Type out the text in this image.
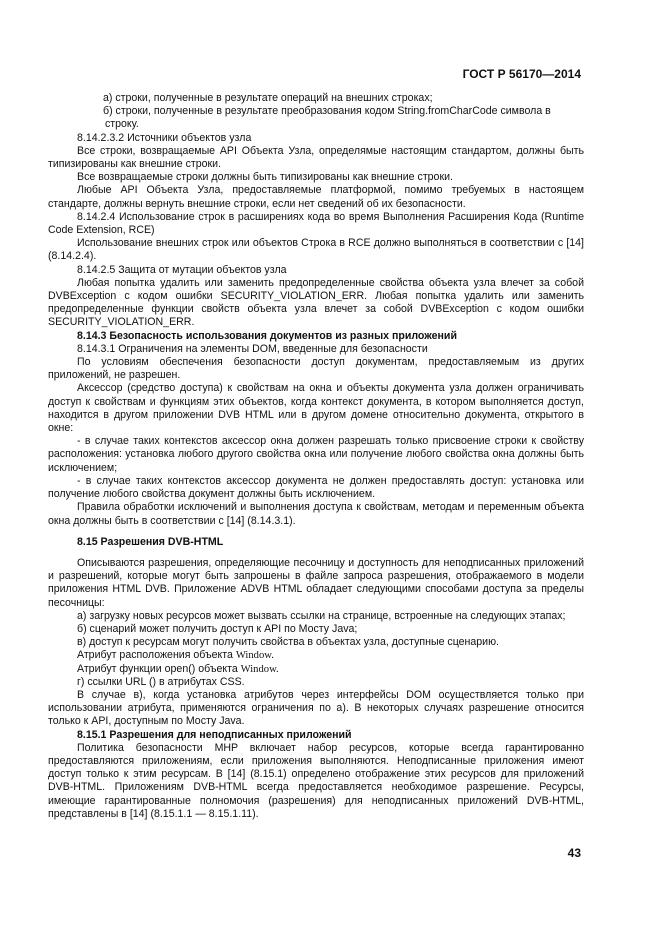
ГОСТ Р 56170—2014

а) строки, полученные в результате операций на внешних строках;

б) строки, полученные в результате преобразования кодом String.fromCharCode символа в строку.

8.14.2.3.2 Источники объектов узла

Все строки, возвращаемые API Объекта Узла, определямые настоящим стандартом, должны быть типизированы как внешние строки.

Все возвращаемые строки должны быть типизированы как внешние строки.

Любые API Объекта Узла, предоставляемые платформой, помимо требуемых в настоящем стандарте, должны вернуть внешние строки, если нет сведений об их безопасности.

8.14.2.4 Использование строк в расширениях кода во время Выполнения Расширения Кода (Runtime Code Extension, RCE)

Использование внешних строк или объектов Строка в RCE должно выполняться в соответствии с [14] (8.14.2.4).

8.14.2.5 Защита от мутации объектов узла

Любая попытка удалить или заменить предопределенные свойства объекта узла влечет за собой DVBException с кодом ошибки SECURITY_VIOLATION_ERR. Любая попытка удалить или заменить предопределенные функции свойств объекта узла влечет за собой DVBException с кодом ошибки SECURITY_VIOLATION_ERR.

8.14.3 Безопасность использования документов из разных приложений

8.14.3.1 Ограничения на элементы DOM, введенные для безопасности

По условиям обеспечения безопасности доступ документам, предоставляемым из других приложений, не разрешен.

Аксессор (средство доступа) к свойствам на окна и объекты документа узла должен ограничивать доступ к свойствам и функциям этих объектов, когда контекст документа, в котором выполняется доступ, находится в другом приложении DVB HTML или в другом домене относительно документа, открытого в окне:

- в случае таких контекстов аксессор окна должен разрешать только присвоение строки к свойству расположения: установка любого другого свойства окна или получение любого свойства окна должны быть исключением;

- в случае таких контекстов аксессор документа не должен предоставлять доступ: установка или получение любого свойства документ должны быть исключением.

Правила обработки исключений и выполнения доступа к свойствам, методам и переменным объекта окна должны быть в соответствии с [14] (8.14.3.1).

8.15 Разрешения DVB-HTML

Описываются разрешения, определяющие песочницу и доступность для неподписанных приложений и разрешений, которые могут быть запрошены в файле запроса разрешения, отображаемого в модели приложения HTML DVB. Приложение ADVB HTML обладает следующими способами доступа за пределы песочницы:

а) загрузку новых ресурсов может вызвать ссылки на странице, встроенные на следующих этапах;

б) сценарий может получить доступ к API по Мосту Java;

в) доступ к ресурсам могут получить свойства в объектах узла, доступные сценарию.

Атрибут расположения объекта Window.

Атрибут функции open() объекта Window.

г) ссылки URL () в атрибутах CSS.

В случае в), когда установка атрибутов через интерфейсы DOM осуществляется только при использовании атрибута, применяются ограничения по а). В некоторых случаях разрешение относится только к API, доступным по Мосту Java.

8.15.1 Разрешения для неподписанных приложений

Политика безопасности MHP включает набор ресурсов, которые всегда гарантированно предоставляются приложениям, если приложения выполняются. Неподписанные приложения имеют доступ только к этим ресурсам. В [14] (8.15.1) определено отображение этих ресурсов для приложений DVB-HTML. Приложениям DVB-HTML всегда предоставляется необходимое разрешение. Ресурсы, имеющие гарантированные полномочия (разрешения) для неподписанных приложений DVB-HTML, представлены в [14] (8.15.1.1 — 8.15.1.11).

43
